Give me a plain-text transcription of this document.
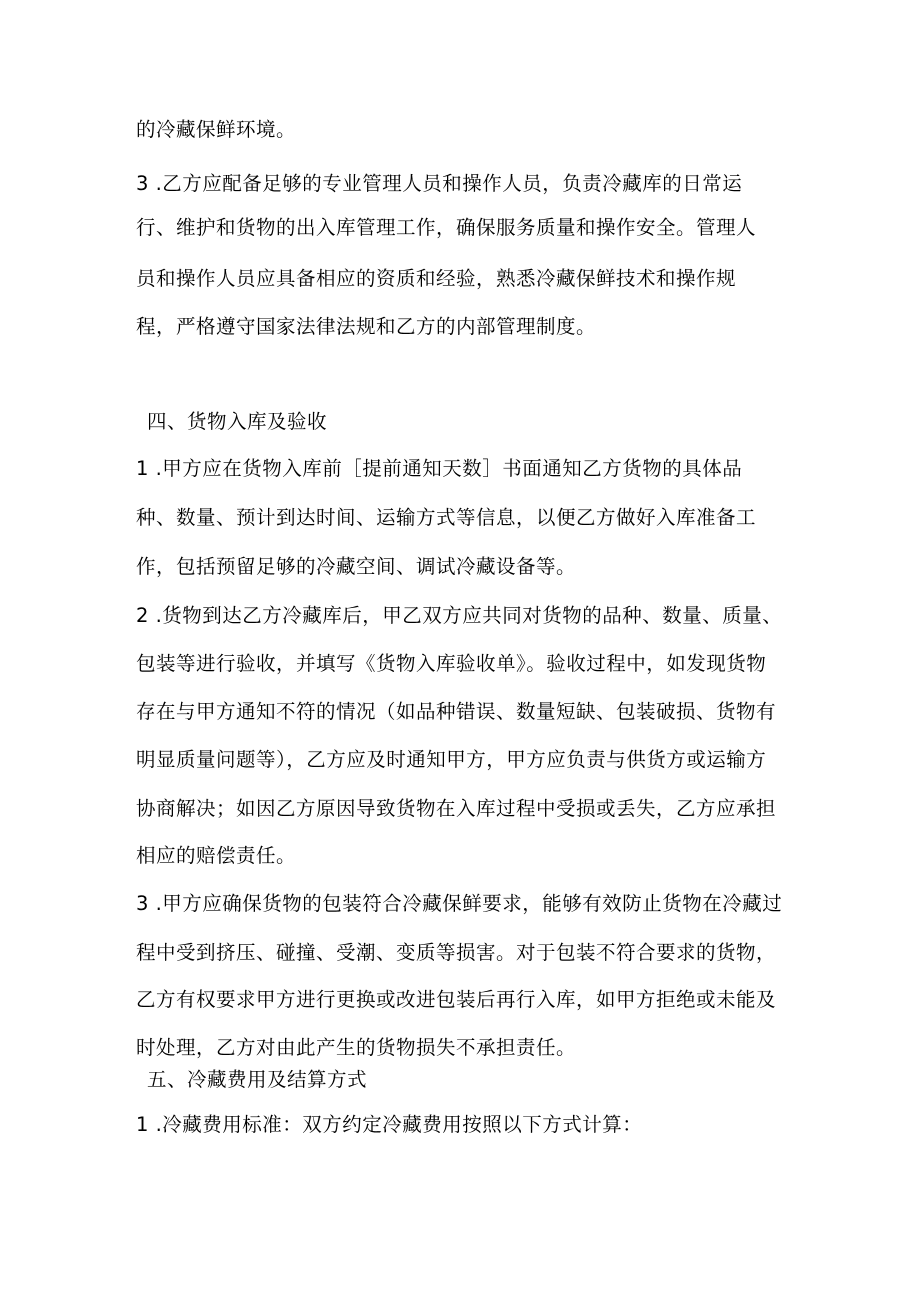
的冷藏保鲜环境。
3 .乙方应配备足够的专业管理人员和操作人员，负责冷藏库的日常运
行、维护和货物的出入库管理工作，确保服务质量和操作安全。管理人
员和操作人员应具备相应的资质和经验，熟悉冷藏保鲜技术和操作规
程，严格遵守国家法律法规和乙方的内部管理制度。
四、货物入库及验收
1 .甲方应在货物入库前［提前通知天数］书面通知乙方货物的具体品
种、数量、预计到达时间、运输方式等信息，以便乙方做好入库准备工
作，包括预留足够的冷藏空间、调试冷藏设备等。
2 .货物到达乙方冷藏库后，甲乙双方应共同对货物的品种、数量、质量、
包装等进行验收，并填写《货物入库验收单》。验收过程中，如发现货物
存在与甲方通知不符的情况（如品种错误、数量短缺、包装破损、货物有
明显质量问题等），乙方应及时通知甲方，甲方应负责与供货方或运输方
协商解决；如因乙方原因导致货物在入库过程中受损或丢失，乙方应承担
相应的赔偿责任。
3 .甲方应确保货物的包装符合冷藏保鲜要求，能够有效防止货物在冷藏过
程中受到挤压、碰撞、受潮、变质等损害。对于包装不符合要求的货物，
乙方有权要求甲方进行更换或改进包装后再行入库，如甲方拒绝或未能及
时处理，乙方对由此产生的货物损失不承担责任。
五、冷藏费用及结算方式
1 .冷藏费用标准：双方约定冷藏费用按照以下方式计算：
